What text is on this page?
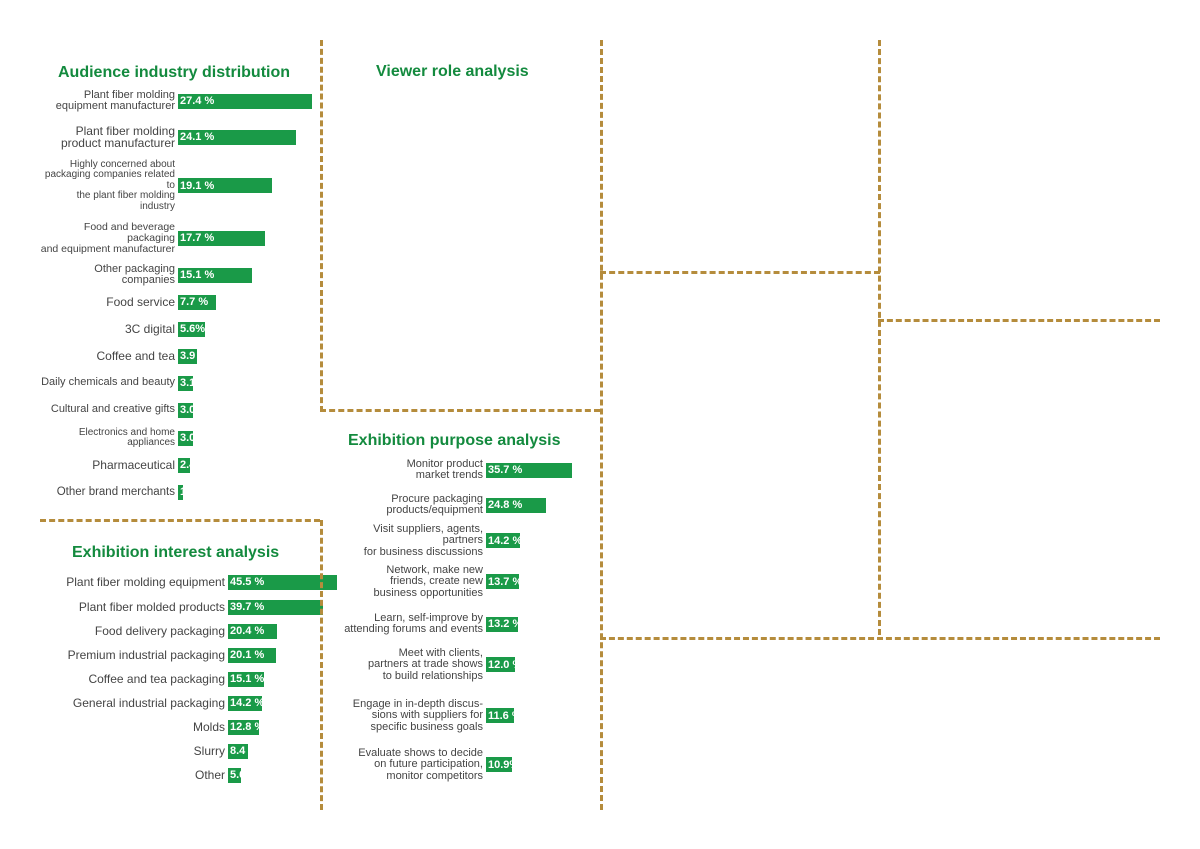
Audience industry distribution	Viewer role analysis
Exhibition purpose analysis
Exhibition interest analysis
Plant fiber molding
equipment manufacturer 27.4 %
Plant fiber molding
product manufacturer 24.1 %
Highly concerned about
packaging companies related to
the plant fiber molding industry
19.1 %
Food and beverage packaging
and equipment manufacturer
17.7 %
Other packaging companies 15.1 %
Food service 7.7 %
3C digital 5.6%
Coffee and tea 3.9 %
Daily chemicals and beauty 3.1 %
Cultural and creative gifts 3.0 %
Electronics and home appliances 3.0 %
Pharmaceutical 2.4 %
Other brand merchants 1.0 %
Monitor product
market trends 35.7 %
Procure packaging
products/equipment 24.8 %
Visit suppliers, agents, partners
for business discussions
14.2 %
Network, make new
friends, create new
business opportunities
13.7 %
Learn, self-improve by
attending forums and events 13.2 %
Meet with clients,
partners at trade shows
to build relationships
12.0 %
Engage in in-depth discus-
sions with suppliers for
specific business goals
11.6 %
Evaluate shows to decide
on future participation,
monitor competitors
10.9%
Plant fiber molding equipment 45.5 %
Plant fiber molded products 39.7 %
Food delivery packaging 20.4 %
Premium industrial packaging 20.1 %
Coffee and tea packaging 15.1 %
General industrial packaging 14.2 %
Molds 12.8 %
Slurry 8.4 %
Other 5.6 %
